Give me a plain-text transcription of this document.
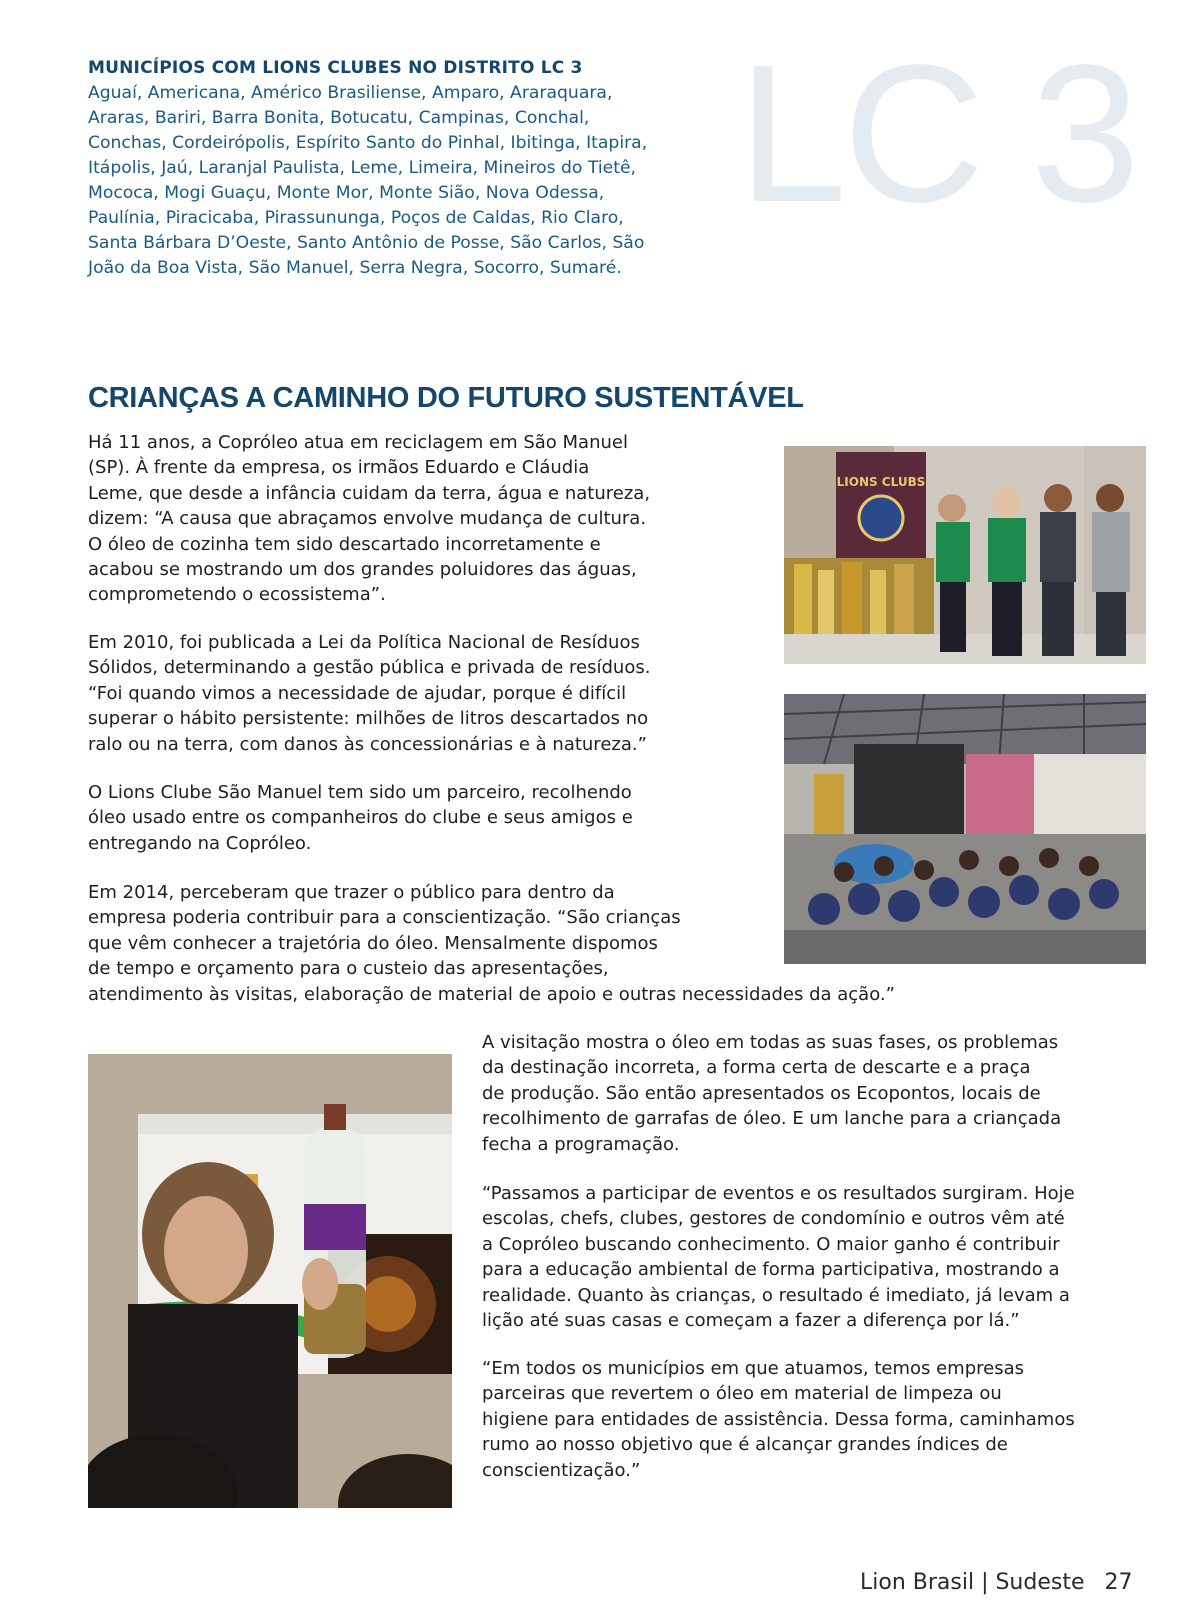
MUNICÍPIOS COM LIONS CLUBES NO DISTRITO LC 3
Aguaí, Americana, Américo Brasiliense, Amparo, Araraquara,
Araras, Bariri, Barra Bonita, Botucatu, Campinas, Conchal,
Conchas, Cordeirópolis, Espírito Santo do Pinhal, Ibitinga, Itapira,
Itápolis, Jaú, Laranjal Paulista, Leme, Limeira, Mineiros do Tietê,
Mococa, Mogi Guaçu, Monte Mor, Monte Sião, Nova Odessa,
Paulínia, Piracicaba, Pirassununga, Poços de Caldas, Rio Claro,
Santa Bárbara D’Oeste, Santo Antônio de Posse, São Carlos, São
João da Boa Vista, São Manuel, Serra Negra, Socorro, Sumaré.
LC 3
CRIANÇAS A CAMINHO DO FUTURO SUSTENTÁVEL
Há 11 anos, a Copróleo atua em reciclagem em São Manuel
(SP). À frente da empresa, os irmãos Eduardo e Cláudia
Leme, que desde a infância cuidam da terra, água e natureza,
dizem: “A causa que abraçamos envolve mudança de cultura.
O óleo de cozinha tem sido descartado incorretamente e
acabou se mostrando um dos grandes poluidores das águas,
comprometendo o ecossistema”.
Em 2010, foi publicada a Lei da Política Nacional de Resíduos
Sólidos, determinando a gestão pública e privada de resíduos.
“Foi quando vimos a necessidade de ajudar, porque é difícil
superar o hábito persistente: milhões de litros descartados no
ralo ou na terra, com danos às concessionárias e à natureza.”
O Lions Clube São Manuel tem sido um parceiro, recolhendo
óleo usado entre os companheiros do clube e seus amigos e
entregando na Copróleo.
Em 2014, perceberam que trazer o público para dentro da
empresa poderia contribuir para a conscientização. “São crianças
que vêm conhecer a trajetória do óleo. Mensalmente dispomos
de tempo e orçamento para o custeio das apresentações,
atendimento às visitas, elaboração de material de apoio e outras necessidades da ação.”
A visitação mostra o óleo em todas as suas fases, os problemas
da destinação incorreta, a forma certa de descarte e a praça
de produção. São então apresentados os Ecopontos, locais de
recolhimento de garrafas de óleo. E um lanche para a criançada
fecha a programação.
“Passamos a participar de eventos e os resultados surgiram. Hoje
escolas, chefs, clubes, gestores de condomínio e outros vêm até
a Copróleo buscando conhecimento. O maior ganho é contribuir
para a educação ambiental de forma participativa, mostrando a
realidade. Quanto às crianças, o resultado é imediato, já levam a
lição até suas casas e começam a fazer a diferença por lá.”
“Em todos os municípios em que atuamos, temos empresas
parceiras que revertem o óleo em material de limpeza ou
higiene para entidades de assistência. Dessa forma, caminhamos
rumo ao nosso objetivo que é alcançar grandes índices de
conscientização.”
LIONS CLUBS
Lion Brasil | Sudeste 27
